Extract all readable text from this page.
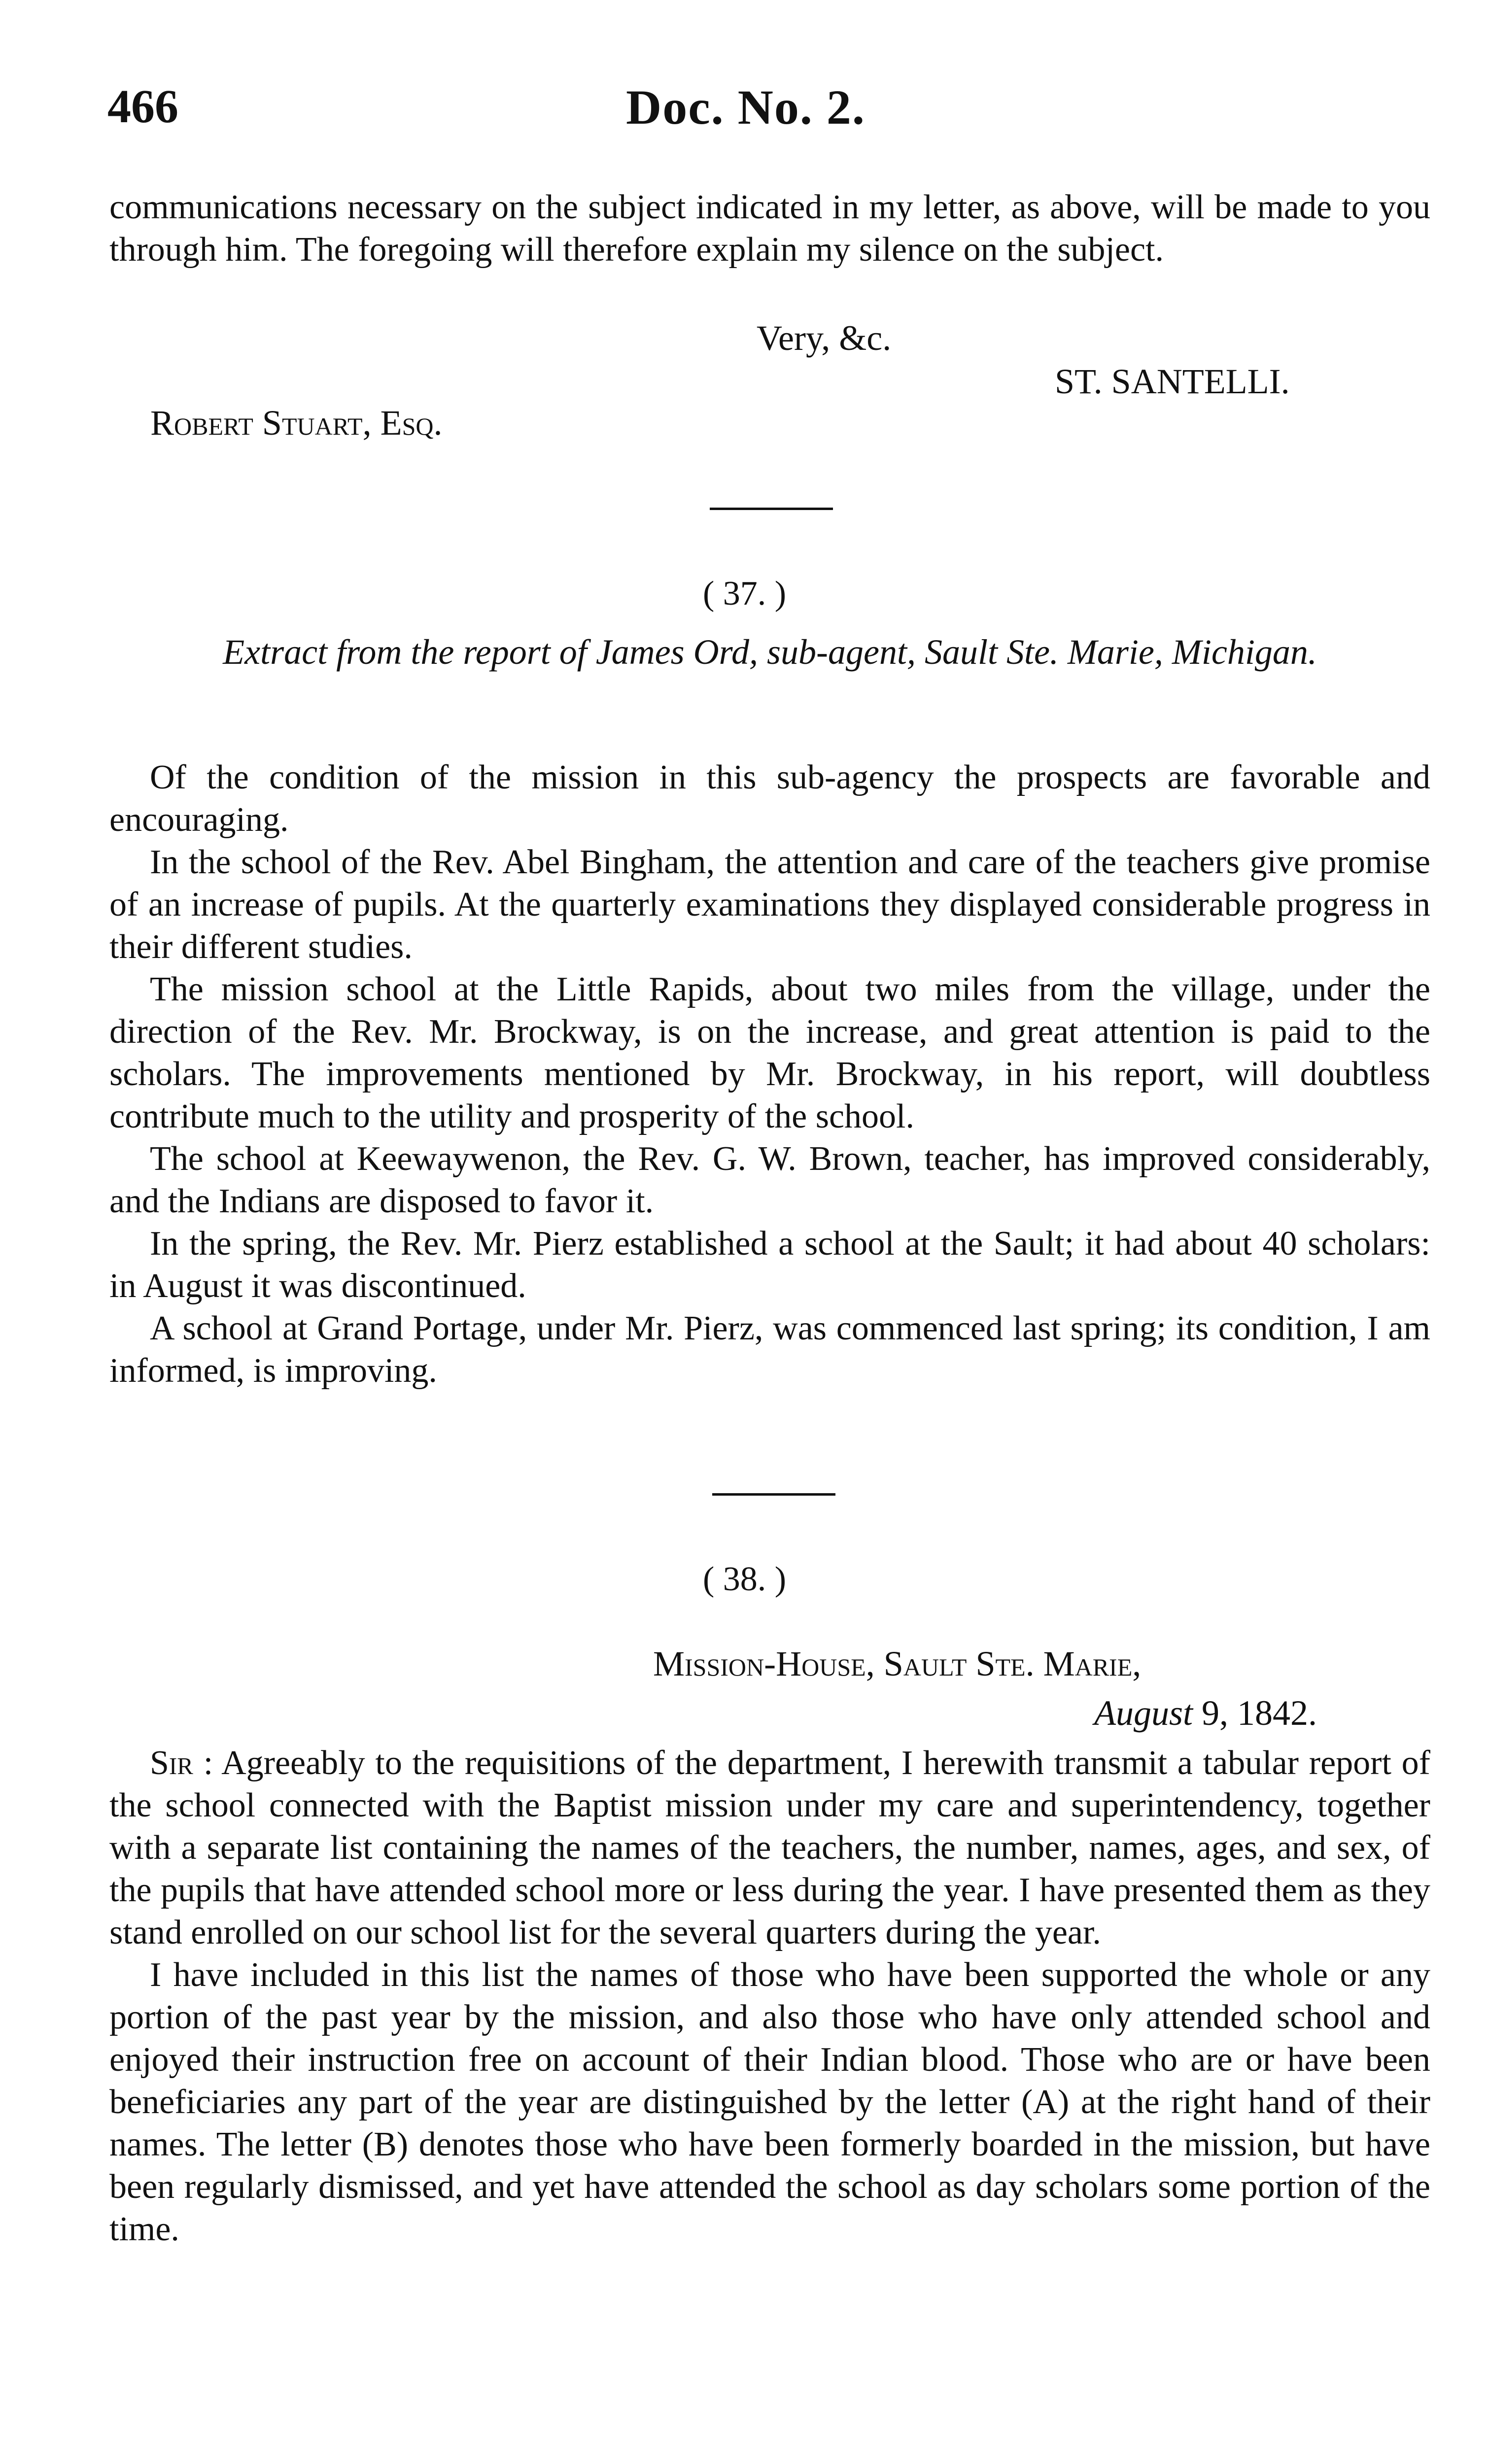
466	Doc. No. 2.

communications necessary on the subject indicated in my letter, as above, will be made to you through him. The foregoing will therefore explain my silence on the subject.

Very, &c.
ST. SANTELLI.
Robert Stuart, Esq.
( 37. )
Extract from the report of James Ord, sub-agent, Sault Ste. Marie, Michigan.

Of the condition of the mission in this sub-agency the prospects are favorable and encouraging.

In the school of the Rev. Abel Bingham, the attention and care of the teachers give promise of an increase of pupils. At the quarterly examinations they displayed considerable progress in their different studies.

The mission school at the Little Rapids, about two miles from the village, under the direction of the Rev. Mr. Brockway, is on the increase, and great attention is paid to the scholars. The improvements mentioned by Mr. Brockway, in his report, will doubtless contribute much to the utility and prosperity of the school.

The school at Keewaywenon, the Rev. G. W. Brown, teacher, has improved considerably, and the Indians are disposed to favor it.

In the spring, the Rev. Mr. Pierz established a school at the Sault; it had about 40 scholars: in August it was discontinued.

A school at Grand Portage, under Mr. Pierz, was commenced last spring; its condition, I am informed, is improving.

( 38. )
Mission-House, Sault Ste. Marie,
August 9, 1842.

Sir : Agreeably to the requisitions of the department, I herewith transmit a tabular report of the school connected with the Baptist mission under my care and superintendency, together with a separate list containing the names of the teachers, the number, names, ages, and sex, of the pupils that have attended school more or less during the year. I have presented them as they stand enrolled on our school list for the several quarters during the year.

I have included in this list the names of those who have been supported the whole or any portion of the past year by the mission, and also those who have only attended school and enjoyed their instruction free on account of their Indian blood. Those who are or have been beneficiaries any part of the year are distinguished by the letter (A) at the right hand of their names. The letter (B) denotes those who have been formerly boarded in the mission, but have been regularly dismissed, and yet have attended the school as day scholars some portion of the time.
